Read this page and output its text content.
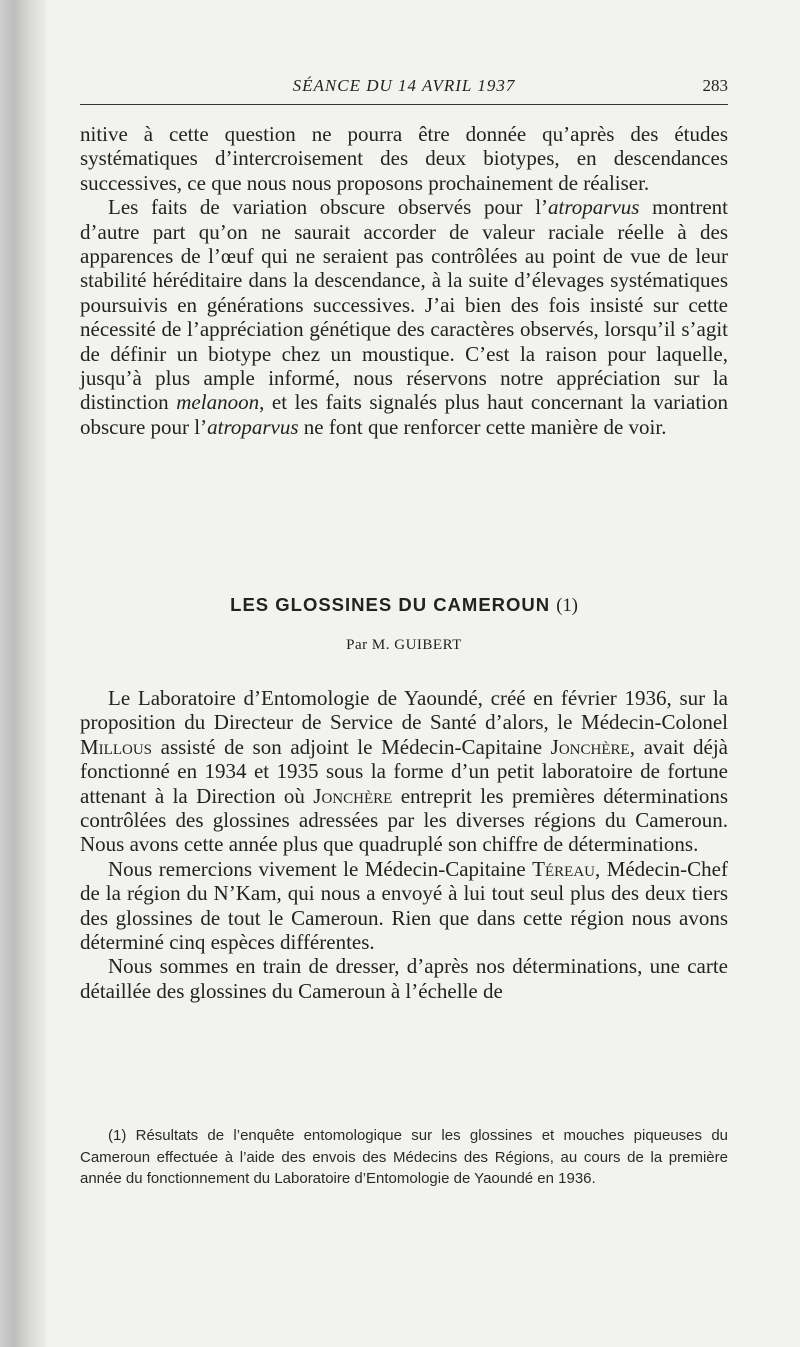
SÉANCE DU 14 AVRIL 1937	283

nitive à cette question ne pourra être donnée qu’après des études systématiques d’intercroisement des deux biotypes, en descendances successives, ce que nous nous proposons prochainement de réaliser.

Les faits de variation obscure observés pour l’atroparvus montrent d’autre part qu’on ne saurait accorder de valeur raciale réelle à des apparences de l’œuf qui ne seraient pas contrôlées au point de vue de leur stabilité héréditaire dans la descendance, à la suite d’élevages systématiques poursuivis en générations successives. J’ai bien des fois insisté sur cette nécessité de l’appréciation génétique des caractères observés, lorsqu’il s’agit de définir un biotype chez un moustique. C’est la raison pour laquelle, jusqu’à plus ample informé, nous réservons notre appréciation sur la distinction melanoon, et les faits signalés plus haut concernant la variation obscure pour l’atroparvus ne font que renforcer cette manière de voir.

LES GLOSSINES DU CAMEROUN (1)
Par M. GUIBERT

Le Laboratoire d’Entomologie de Yaoundé, créé en février 1936, sur la proposition du Directeur de Service de Santé d’alors, le Médecin-Colonel Millous assisté de son adjoint le Médecin-Capitaine Jonchère, avait déjà fonctionné en 1934 et 1935 sous la forme d’un petit laboratoire de fortune attenant à la Direction où Jonchère entreprit les premières déterminations contrôlées des glossines adressées par les diverses régions du Cameroun. Nous avons cette année plus que quadruplé son chiffre de déterminations.

Nous remercions vivement le Médecin-Capitaine Téreau, Médecin-Chef de la région du N’Kam, qui nous a envoyé à lui tout seul plus des deux tiers des glossines de tout le Cameroun. Rien que dans cette région nous avons déterminé cinq espèces différentes.

Nous sommes en train de dresser, d’après nos déterminations, une carte détaillée des glossines du Cameroun à l’échelle de

(1) Résultats de l’enquête entomologique sur les glossines et mouches piqueuses du Cameroun effectuée à l’aide des envois des Médecins des Régions, au cours de la première année du fonctionnement du Laboratoire d’Entomologie de Yaoundé en 1936.
